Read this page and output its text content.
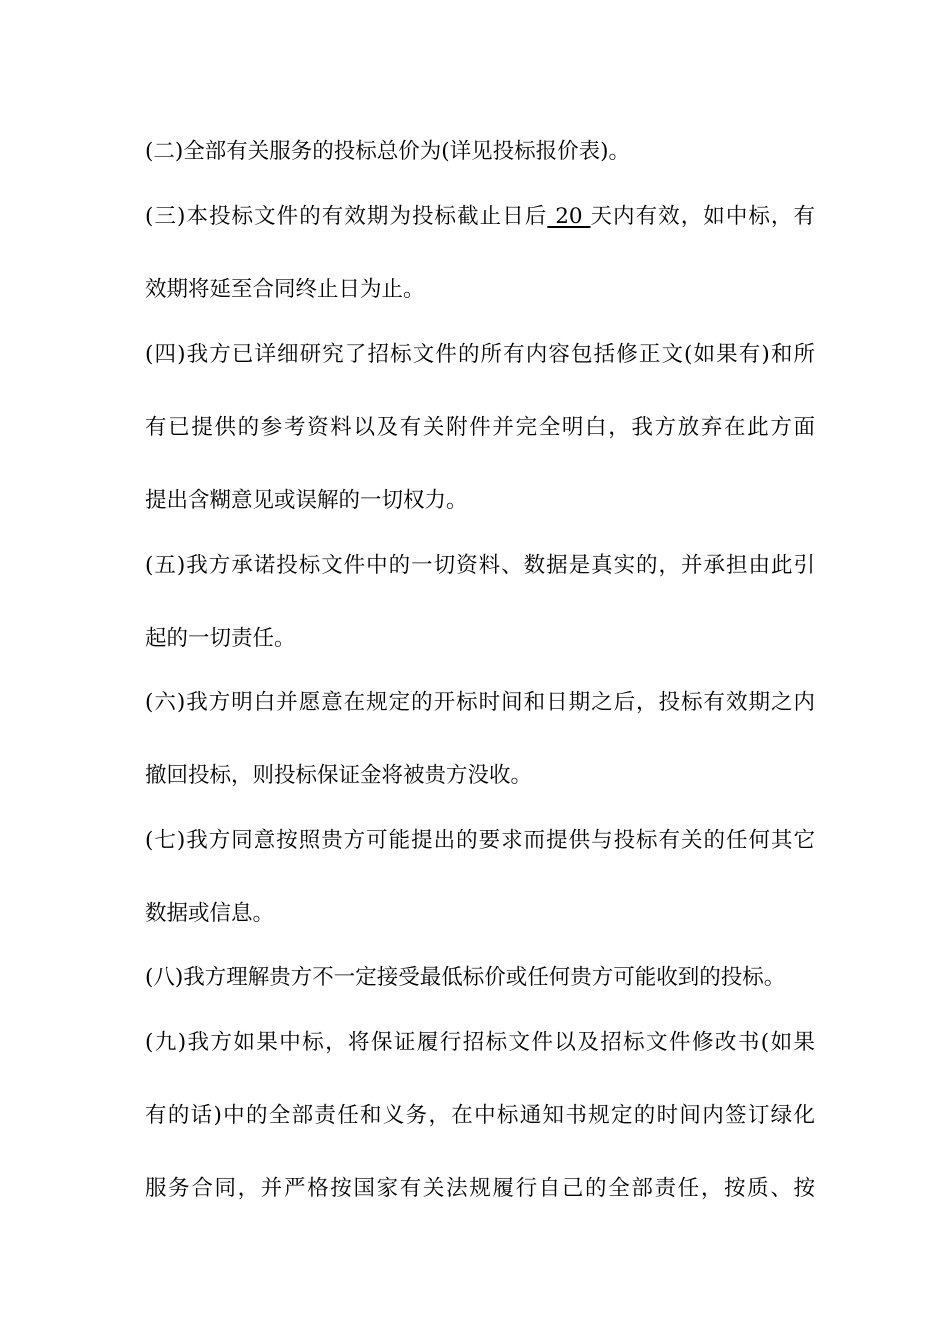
(二)全部有关服务的投标总价为(详见投标报价表)。
(三)本投标文件的有效期为投标截止日后 20 天内有效，如中标，有
效期将延至合同终止日为止。
(四)我方已详细研究了招标文件的所有内容包括修正文(如果有)和所
有已提供的参考资料以及有关附件并完全明白，我方放弃在此方面
提出含糊意见或误解的一切权力。
(五)我方承诺投标文件中的一切资料、数据是真实的，并承担由此引
起的一切责任。
(六)我方明白并愿意在规定的开标时间和日期之后，投标有效期之内
撤回投标，则投标保证金将被贵方没收。
(七)我方同意按照贵方可能提出的要求而提供与投标有关的任何其它
数据或信息。
(八)我方理解贵方不一定接受最低标价或任何贵方可能收到的投标。
(九)我方如果中标，将保证履行招标文件以及招标文件修改书(如果
有的话)中的全部责任和义务，在中标通知书规定的时间内签订绿化
服务合同，并严格按国家有关法规履行自己的全部责任，按质、按
